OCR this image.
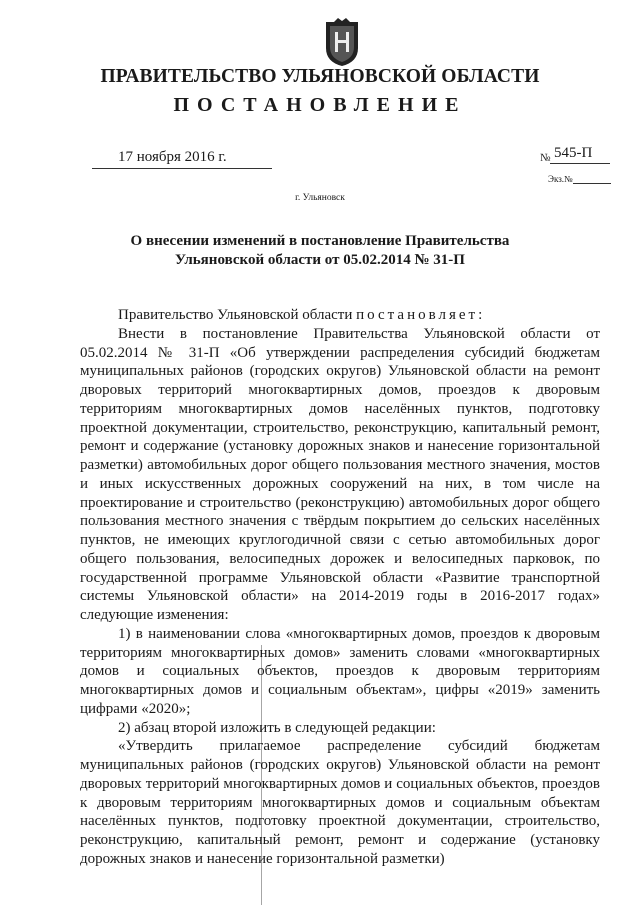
ПРАВИТЕЛЬСТВО УЛЬЯНОВСКОЙ ОБЛАСТИ
ПОСТАНОВЛЕНИЕ
17 ноября 2016 г.	№ 545-П
Экз.№
г. Ульяновск
О внесении изменений в постановление Правительства
Ульяновской области от 05.02.2014 № 31-П

Правительство Ульяновской области постановляет:

Внести в постановление Правительства Ульяновской области от 05.02.2014 № 31-П «Об утверждении распределения субсидий бюджетам муниципальных районов (городских округов) Ульяновской области на ремонт дворовых территорий многоквартирных домов, проездов к дворовым территориям многоквартирных домов населённых пунктов, подготовку проектной документации, строительство, реконструкцию, капитальный ремонт, ремонт и содержание (установку дорожных знаков и нанесение горизонтальной разметки) автомобильных дорог общего пользования местного значения, мостов и иных искусственных дорожных сооружений на них, в том числе на проектирование и строительство (реконструкцию) автомобильных дорог общего пользования местного значения с твёрдым покрытием до сельских населённых пунктов, не имеющих круглогодичной связи с сетью автомобильных дорог общего пользования, велосипедных дорожек и велосипедных парковок, по государственной программе Ульяновской области «Развитие транспортной системы Ульяновской области» на 2014-2019 годы в 2016-2017 годах» следующие изменения:

1) в наименовании слова «многоквартирных домов, проездов к дворовым территориям многоквартирных домов» заменить словами «многоквартирных домов и социальных объектов, проездов к дворовым территориям многоквартирных домов и социальным объектам», цифры «2019» заменить цифрами «2020»;

2) абзац второй изложить в следующей редакции:

«Утвердить прилагаемое распределение субсидий бюджетам муниципальных районов (городских округов) Ульяновской области на ремонт дворовых территорий многоквартирных домов и социальных объектов, проездов к дворовым территориям многоквартирных домов и социальным объектам населённых пунктов, подготовку проектной документации, строительство, реконструкцию, капитальный ремонт, ремонт и содержание (установку дорожных знаков и нанесение горизонтальной разметки)
